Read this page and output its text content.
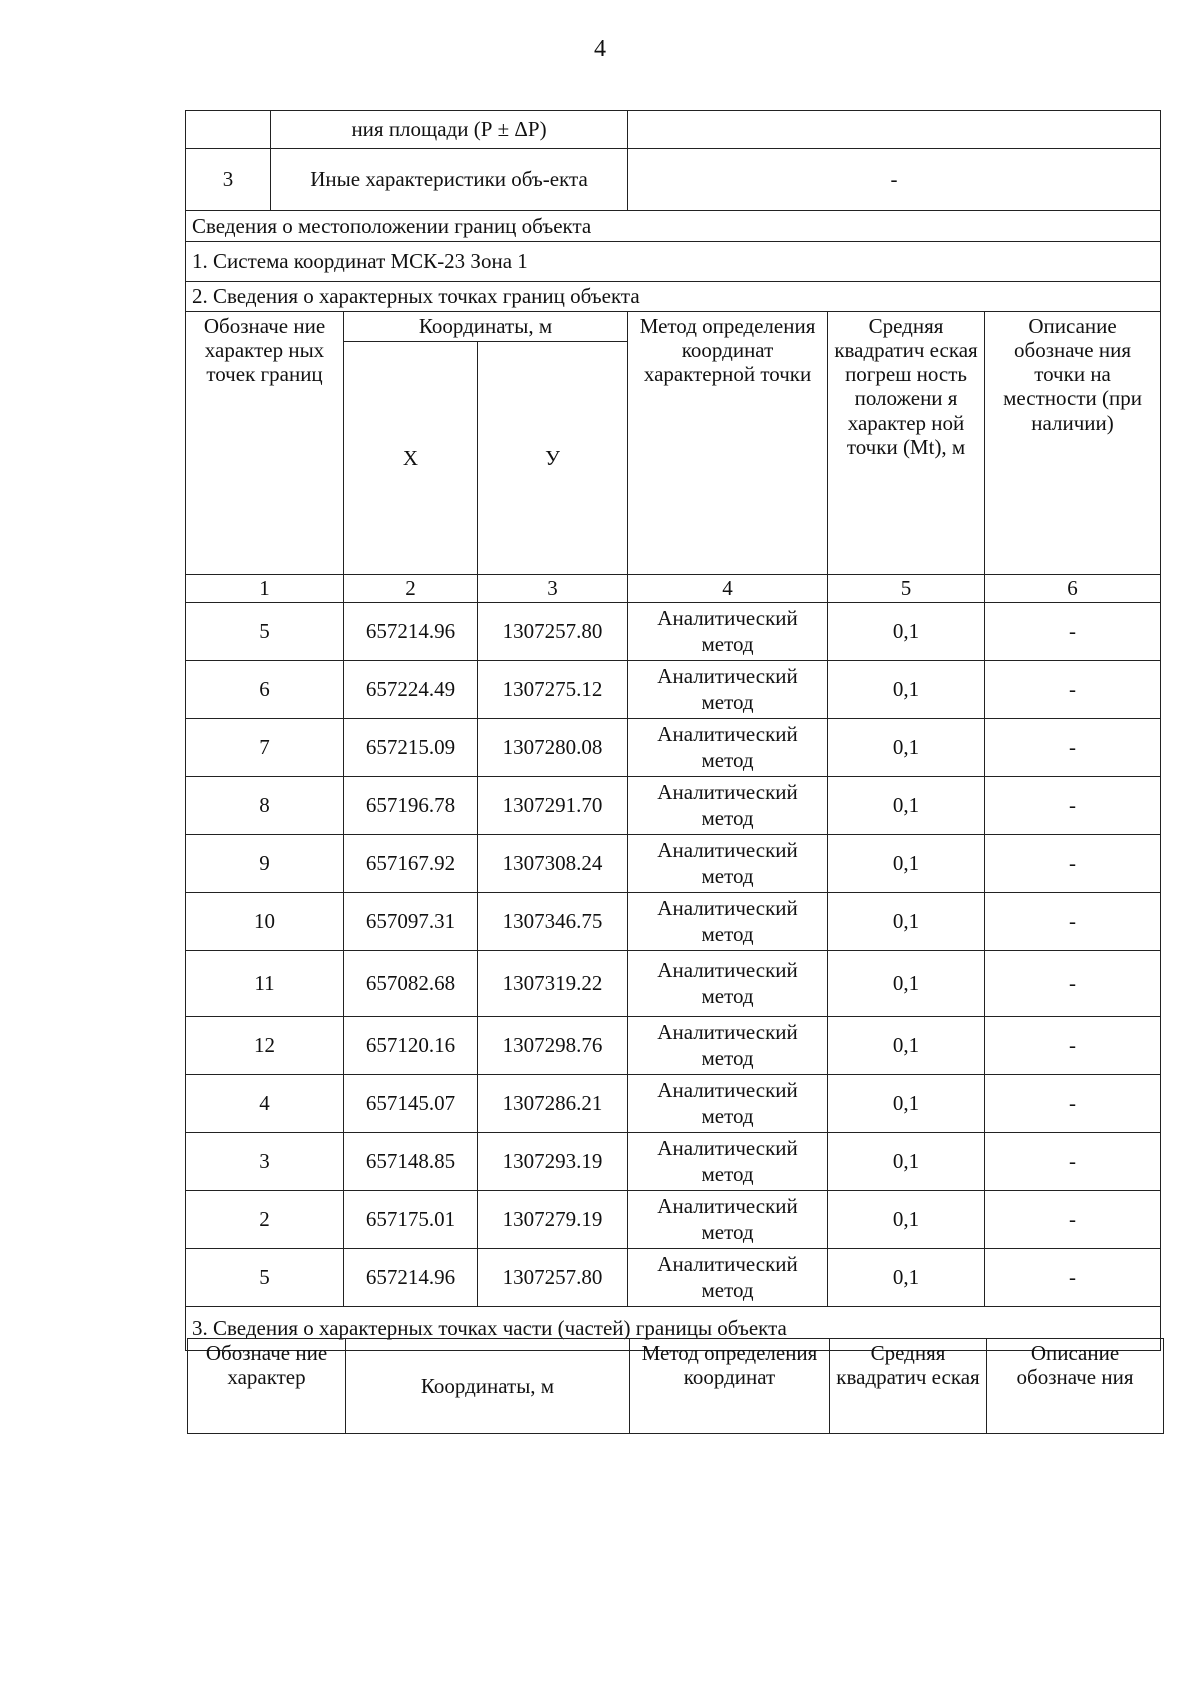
4
	ния площади (Р ± ΔР)					
3	Иные характеристики объ-екта			-		
Сведения о местоположении границ объекта						
1. Система координат МСК-23 Зона 1						
2. Сведения о характерных точках границ объекта						
Обозначе ние характер ных точек границ		Координаты, м		Метод определения координат характерной точки	Средняя квадратич еская погреш ность положени я характер ной точки (Mt), м	Описание обозначе ния точки на местности (при наличии)
		X	У			
1		2	3	4	5	6
5		657214.96	1307257.80	Аналитический метод	0,1	-
6		657224.49	1307275.12	Аналитический метод	0,1	-
7		657215.09	1307280.08	Аналитический метод	0,1	-
8		657196.78	1307291.70	Аналитический метод	0,1	-
9		657167.92	1307308.24	Аналитический метод	0,1	-
10		657097.31	1307346.75	Аналитический метод	0,1	-
11		657082.68	1307319.22	Аналитический метод	0,1	-
12		657120.16	1307298.76	Аналитический метод	0,1	-
4		657145.07	1307286.21	Аналитический метод	0,1	-
3		657148.85	1307293.19	Аналитический метод	0,1	-
2		657175.01	1307279.19	Аналитический метод	0,1	-
5		657214.96	1307257.80	Аналитический метод	0,1	-
3. Сведения о характерных точках части (частей) границы объекта						
Обозначе ние характер	Координаты, м	Метод определения координат	Средняя квадратич еская	Описание обозначе ния
